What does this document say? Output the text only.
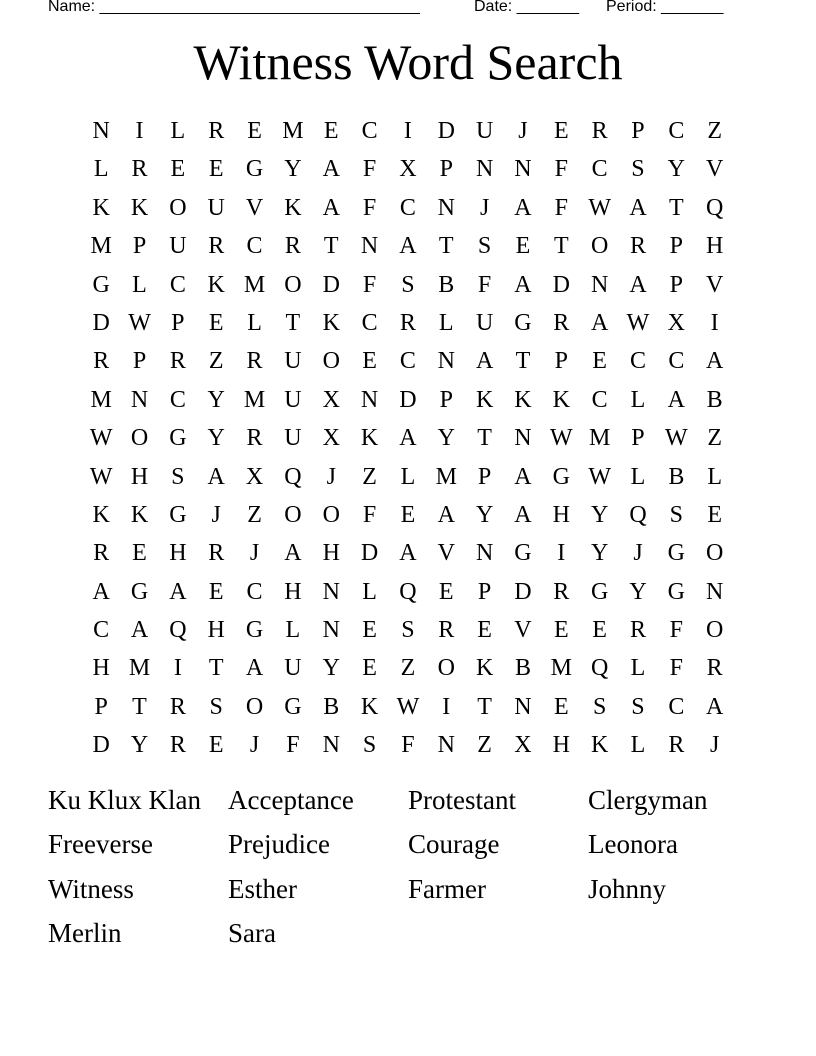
Name: ____________________________________	Date: _______ Period: _______
Witness Word Search
N	I	L R E M E C	I	D U	J	E R P C Z
L R E E G Y A F X P N N F C S Y V
K K O U V K A F C N	J	A F W A T Q
M P U R C R T N A T	S	E T O R P H
G L C K M O D F	S B F A D N A P V
D W P	E L T K C R L U G R A W X	I
R P R Z R U O E C N A T	P	E C C A
M N C Y M U X N D P K K K C L A B
W O G Y R U X K A Y T N W M P W Z
W H S A X Q	J	Z L M P A G W L B L
K K G	J	Z O O F	E A Y A H Y Q S	E
R E H R	J	A H D A V N G	I	Y	J	G O
A G A E C H N L Q E	P D R G Y G N
C A Q H G L N E	S R E V E E R F O
H M I	T A U Y E Z O K B M Q L	F R
P	T R S O G B K W I	T N E	S	S C A
D Y R E	J	F N S	F N Z X H K L R	J
Ku Klux Klan	Acceptance	Protestant	Clergyman
Freeverse	Prejudice	Courage	Leonora
Witness	Esther	Farmer	Johnny
Merlin	Sara
